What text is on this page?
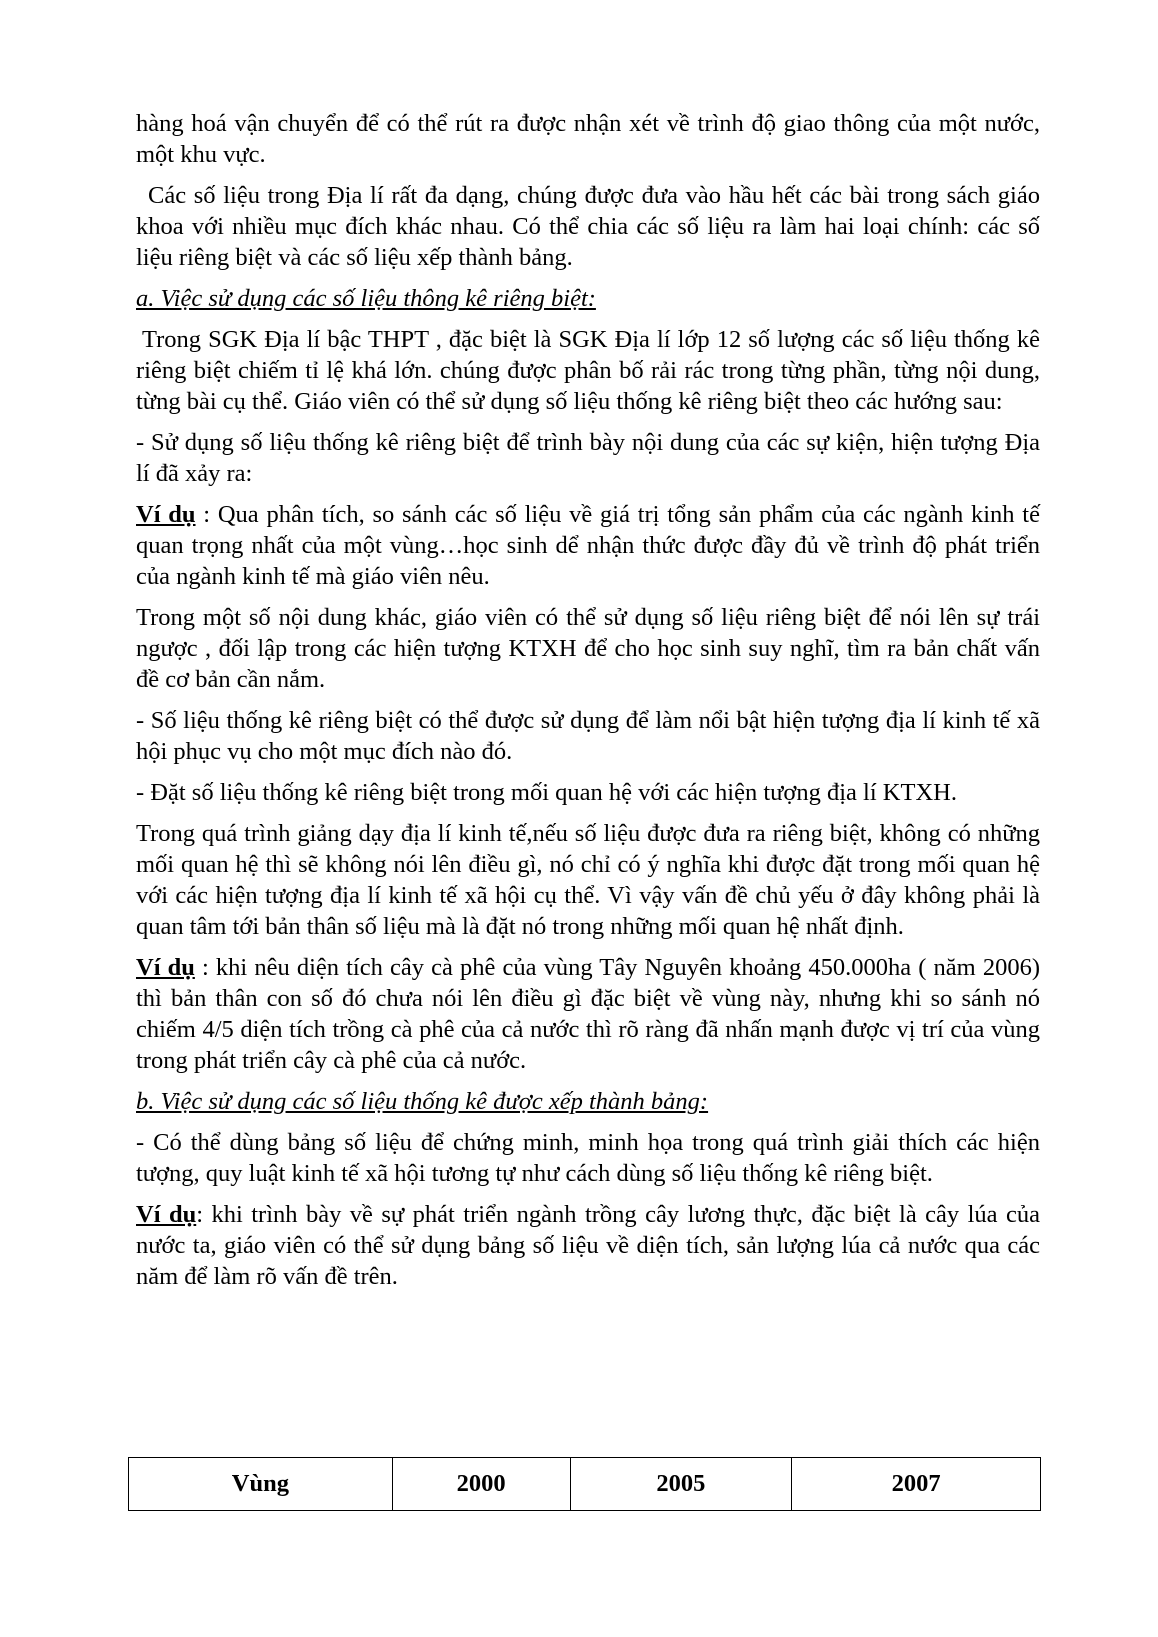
hàng hoá vận chuyển để có thể rút ra được nhận xét về trình độ giao thông của một nước, một khu vực.

Các số liệu trong Địa lí rất đa dạng, chúng được đưa vào hầu hết các bài trong sách giáo khoa với nhiều mục đích khác nhau. Có thể chia các số liệu ra làm hai loại chính: các số liệu riêng biệt và các số liệu xếp thành bảng.

a. Việc sử dụng các số liệu thông kê riêng biệt:

Trong SGK Địa lí bậc THPT , đặc biệt là SGK Địa lí lớp 12 số lượng các số liệu thống kê riêng biệt chiếm tỉ lệ khá lớn. chúng được phân bố rải rác trong từng phần, từng nội dung, từng bài cụ thể. Giáo viên có thể sử dụng số liệu thống kê riêng biệt theo các hướng sau:

- Sử dụng số liệu thống kê riêng biệt để trình bày nội dung của các sự kiện, hiện tượng Địa lí đã xảy ra:

Ví dụ : Qua phân tích, so sánh các số liệu về giá trị tổng sản phẩm của các ngành kinh tế quan trọng nhất của một vùng…học sinh dể nhận thức được đầy đủ về trình độ phát triển của ngành kinh tế mà giáo viên nêu.

Trong một số nội dung khác, giáo viên có thể sử dụng số liệu riêng biệt để nói lên sự trái ngược , đối lập trong các hiện tượng KTXH để cho học sinh suy nghĩ, tìm ra bản chất vấn đề cơ bản cần nắm.

- Số liệu thống kê riêng biệt có thể được sử dụng để làm nổi bật hiện tượng địa lí kinh tế xã hội phục vụ cho một mục đích nào đó.

- Đặt số liệu thống kê riêng biệt trong mối quan hệ với các hiện tượng địa lí KTXH.

Trong quá trình giảng dạy địa lí kinh tế,nếu số liệu được đưa ra riêng biệt, không có những mối quan hệ thì sẽ không nói lên điều gì, nó chỉ có ý nghĩa khi được đặt trong mối quan hệ với các hiện tượng địa lí kinh tế xã hội cụ thể. Vì vậy vấn đề chủ yếu ở đây không phải là quan tâm tới bản thân số liệu mà là đặt nó trong những mối quan hệ nhất định.

Ví dụ : khi nêu diện tích cây cà phê của vùng Tây Nguyên khoảng 450.000ha ( năm 2006) thì bản thân con số đó chưa nói lên điều gì đặc biệt về vùng này, nhưng khi so sánh nó chiếm 4/5 diện tích trồng cà phê của cả nước thì rõ ràng đã nhấn mạnh được vị trí của vùng trong phát triển cây cà phê của cả nước.

b. Việc sử dụng các số liệu thống kê được xếp thành bảng:

- Có thể dùng bảng số liệu để chứng minh, minh họa trong quá trình giải thích các hiện tượng, quy luật kinh tế xã hội tương tự như cách dùng số liệu thống kê riêng biệt.

Ví dụ: khi trình bày về sự phát triển ngành trồng cây lương thực, đặc biệt là cây lúa của nước ta, giáo viên có thể sử dụng bảng số liệu về diện tích, sản lượng lúa cả nước qua các năm để làm rõ vấn đề trên.

Vùng	2000	2005	2007
